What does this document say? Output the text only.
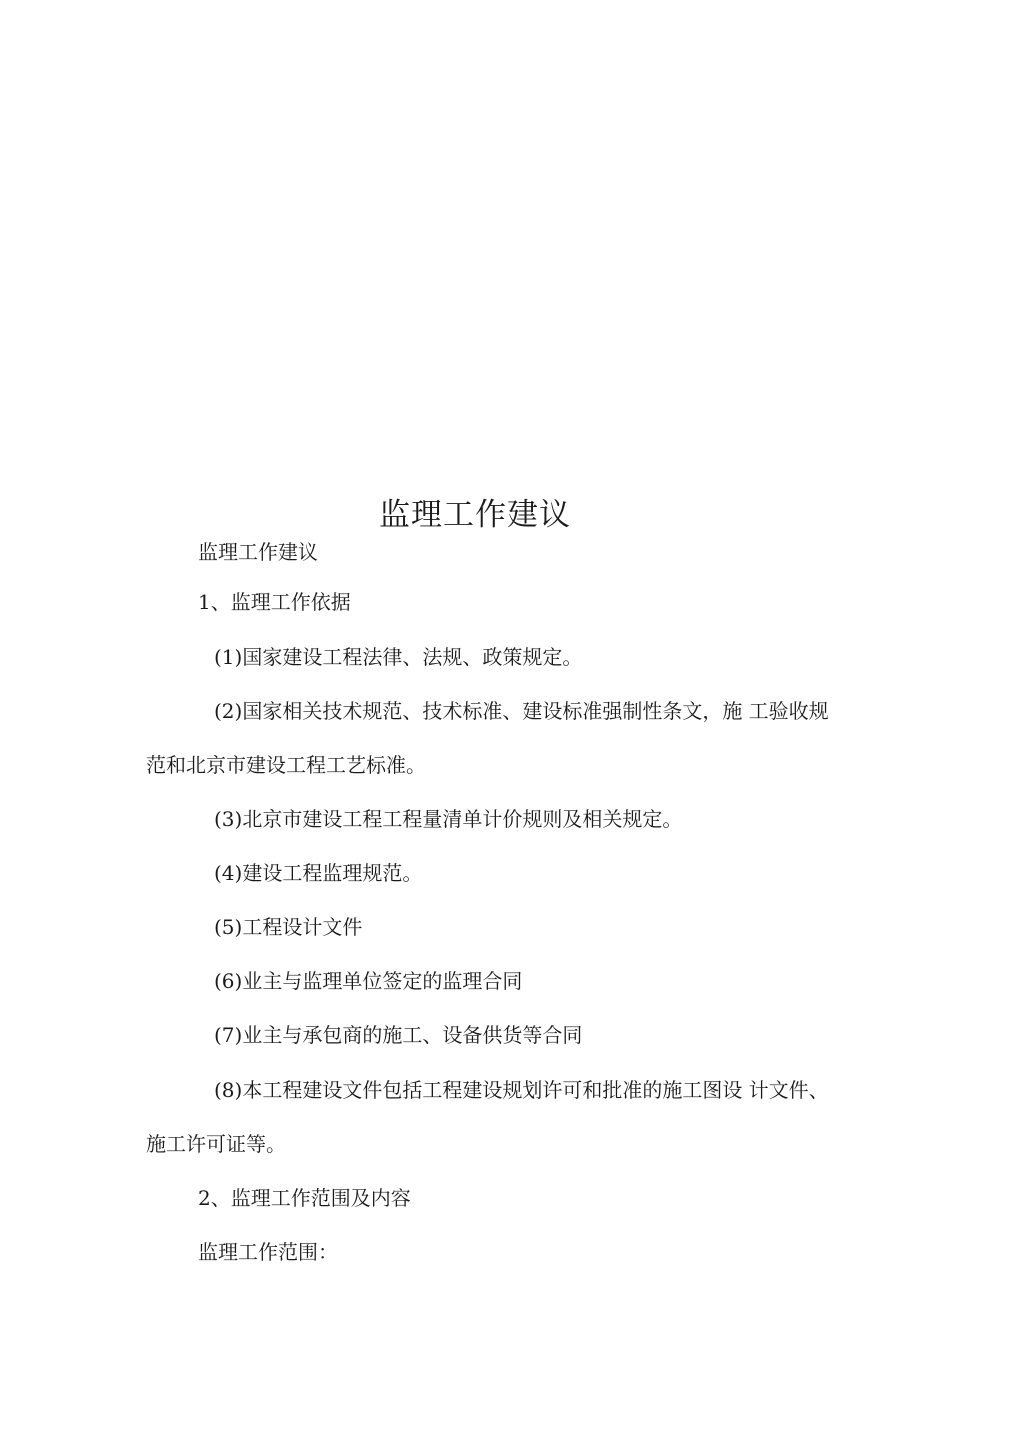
监理工作建议
监理工作建议
1、监理工作依据
(1)国家建设工程法律、法规、政策规定。
(2)国家相关技术规范、技术标准、建设标准强制性条文，施 工验收规
范和北京市建设工程工艺标准。
(3)北京市建设工程工程量清单计价规则及相关规定。
(4)建设工程监理规范。
(5)工程设计文件
(6)业主与监理单位签定的监理合同
(7)业主与承包商的施工、设备供货等合同
(8)本工程建设文件包括工程建设规划许可和批准的施工图设 计文件、
施工许可证等。
2、监理工作范围及内容
监理工作范围：
